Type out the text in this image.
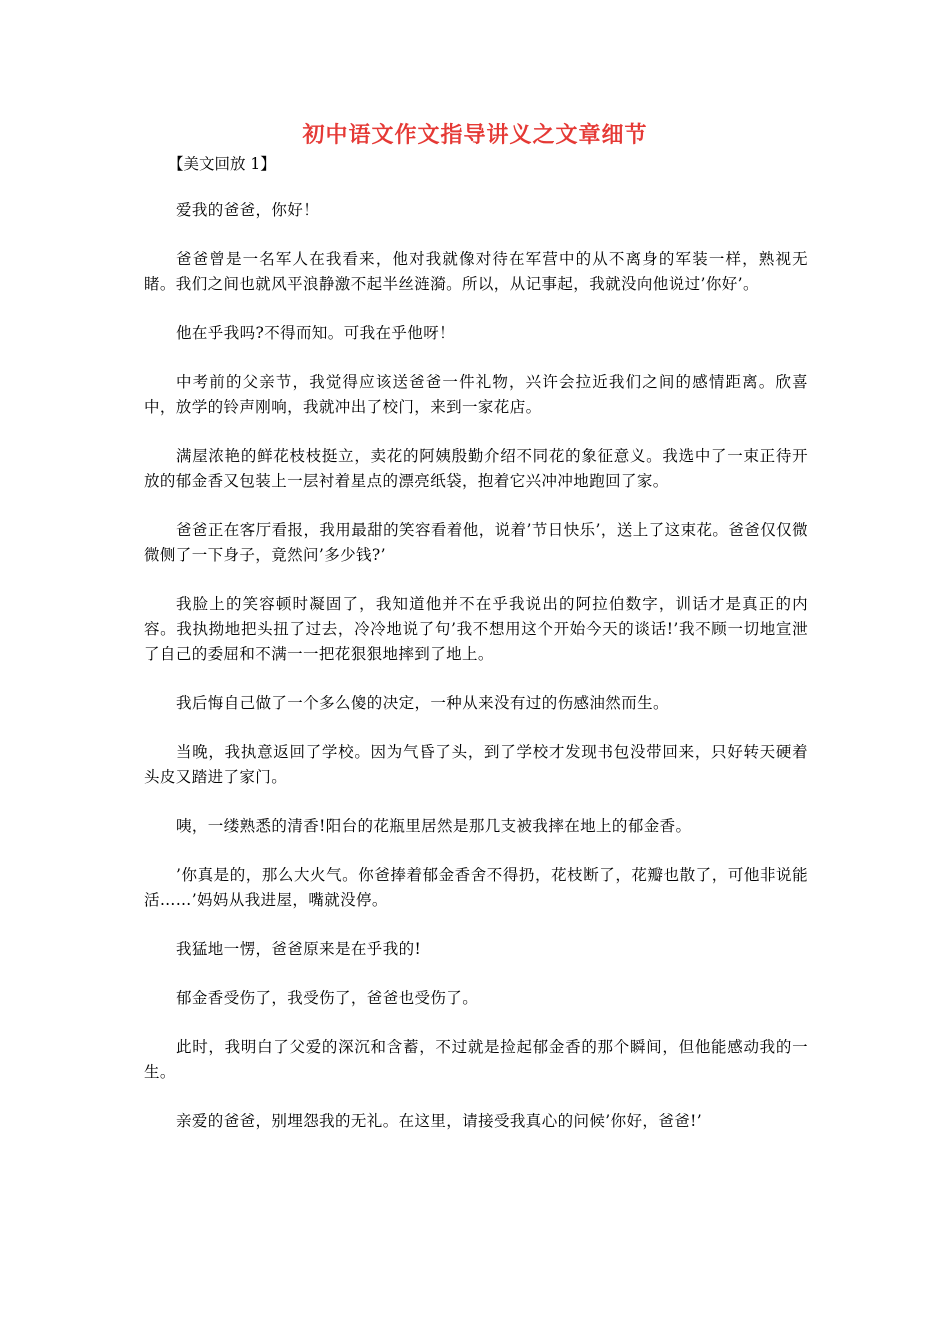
初中语文作文指导讲义之文章细节
【美文回放 1】

爱我的爸爸，你好！

爸爸曾是一名军人在我看来，他对我就像对待在军营中的从不离身的军装一样，熟视无睹。我们之间也就风平浪静激不起半丝涟漪。所以，从记事起，我就没向他说过’你好’。

他在乎我吗?不得而知。可我在乎他呀！

中考前的父亲节，我觉得应该送爸爸一件礼物，兴许会拉近我们之间的感情距离。欣喜中，放学的铃声刚响，我就冲出了校门，来到一家花店。

满屋浓艳的鲜花枝枝挺立，卖花的阿姨殷勤介绍不同花的象征意义。我选中了一束正待开放的郁金香又包装上一层衬着星点的漂亮纸袋，抱着它兴冲冲地跑回了家。

爸爸正在客厅看报，我用最甜的笑容看着他，说着’节日快乐’，送上了这束花。爸爸仅仅微微侧了一下身子，竟然问’多少钱?’

我脸上的笑容顿时凝固了，我知道他并不在乎我说出的阿拉伯数字，训话才是真正的内容。我执拗地把头扭了过去，冷冷地说了句’我不想用这个开始今天的谈话!’我不顾一切地宣泄了自己的委屈和不满一一把花狠狠地摔到了地上。

我后悔自己做了一个多么傻的决定，一种从来没有过的伤感油然而生。

当晚，我执意返回了学校。因为气昏了头，到了学校才发现书包没带回来，只好转天硬着头皮又踏进了家门。

咦，一缕熟悉的清香!阳台的花瓶里居然是那几支被我摔在地上的郁金香。

’你真是的，那么大火气。你爸捧着郁金香舍不得扔，花枝断了，花瓣也散了，可他非说能活……’妈妈从我进屋，嘴就没停。

我猛地一愣，爸爸原来是在乎我的!

郁金香受伤了，我受伤了，爸爸也受伤了。

此时，我明白了父爱的深沉和含蓄，不过就是捡起郁金香的那个瞬间，但他能感动我的一生。

亲爱的爸爸，别埋怨我的无礼。在这里，请接受我真心的问候’你好，爸爸!’
